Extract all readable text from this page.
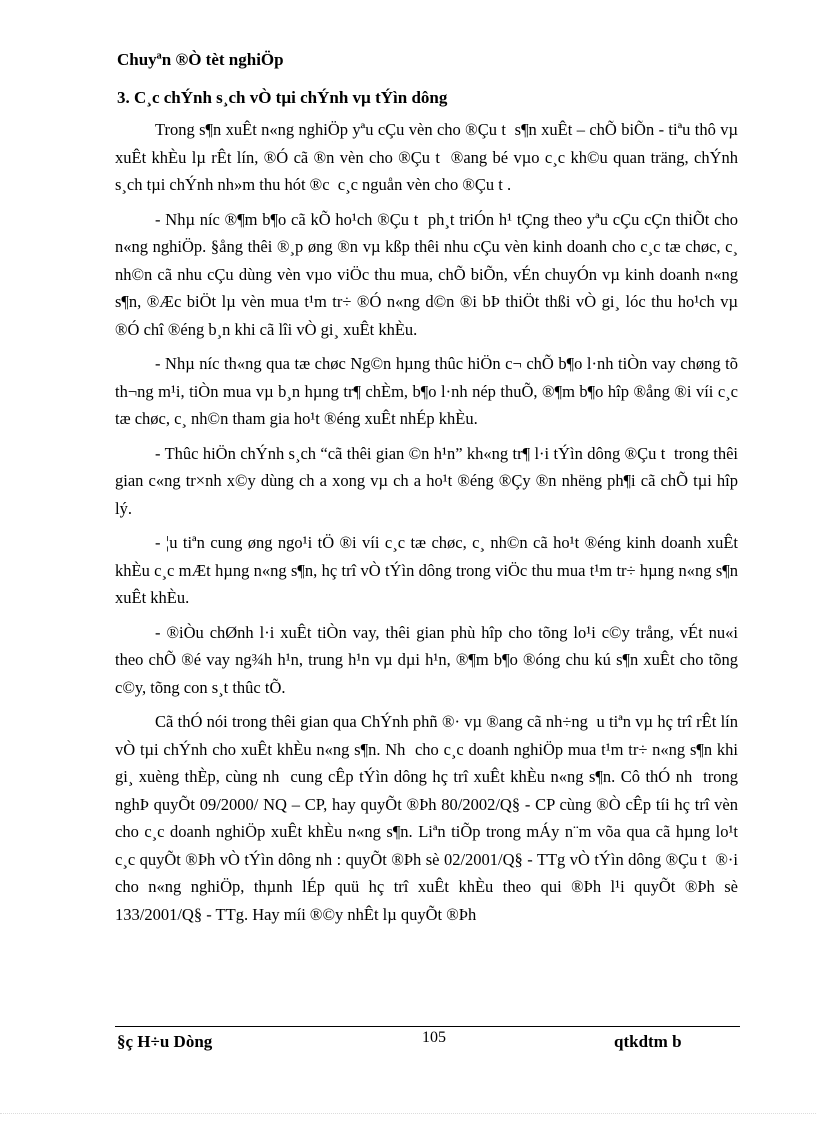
Chuyªn ®Ò tèt nghiÖp
3. C¸c chÝnh s¸ch vÒ tµi chÝnh vµ tÝìn dông

Trong s¶n xuÊt n«ng nghiÖp yªu cÇu vèn cho ®Çu t  s¶n xuÊt – chÕ biÕn - tiªu thô vµ xuÊt khÈu lµ rÊt lín, ®Ó cã ®n vèn cho ®Çu t  ®ang bé vµo c¸c kh©u quan träng, chÝnh s¸ch tµi chÝnh nh»m thu hót ®c  c¸c nguån vèn cho ®Çu t .

- Nhµ níc ®¶m b¶o cã kÕ ho¹ch ®Çu t  ph¸t triÓn h¹ tÇng theo yªu cÇu cÇn thiÕt cho n«ng nghiÖp. §ång thêi ®¸p øng ®n vµ kßp thêi nhu cÇu vèn kinh doanh cho c¸c tæ chøc, c¸ nh©n cã nhu cÇu dùng vèn vµo viÖc thu mua, chÕ biÕn, vÉn chuyÓn vµ kinh doanh n«ng s¶n, ®Æc biÖt lµ vèn mua t¹m tr÷ ®Ó n«ng d©n ®i bÞ thiÖt thßi vÒ gi¸ lóc thu ho¹ch vµ ®Ó chî ®éng b¸n khi cã lîi vÒ gi¸ xuÊt khÈu.

- Nhµ níc th«ng qua tæ chøc Ng©n hµng thûc hiÖn c¬ chÕ b¶o l·nh tiÒn vay chøng tõ th¬ng m¹i, tiÒn mua vµ b¸n hµng tr¶ chÈm, b¶o l·nh nép thuÕ, ®¶m b¶o hîp ®ång ®i víi c¸c tæ chøc, c¸ nh©n tham gia ho¹t ®éng xuÊt nhÉp khÈu.

- Thûc hiÖn chÝnh s¸ch “cã thêi gian ©n h¹n” kh«ng tr¶ l·i tÝìn dông ®Çu t  trong thêi gian c«ng tr×nh x©y dùng ch a xong vµ ch a ho¹t ®éng ®Çy ®n nhëng ph¶i cã chÕ tµi hîp lý.

- ¦u tiªn cung øng ngo¹i tÖ ®i víi c¸c tæ chøc, c¸ nh©n cã ho¹t ®éng kinh doanh xuÊt khÈu c¸c mÆt hµng n«ng s¶n, hç trî vÒ tÝìn dông trong viÖc thu mua t¹m tr÷ hµng n«ng s¶n xuÊt khÈu.

- ®iÒu chØnh l·i xuÊt tiÒn vay, thêi gian phù hîp cho tõng lo¹i c©y trång, vÉt nu«i theo chÕ ®é vay ng¾h h¹n, trung h¹n vµ dµi h¹n, ®¶m b¶o ®óng chu kú s¶n xuÊt cho tõng c©y, tõng con s¸t thûc tÕ.

Cã thÓ nói trong thêi gian qua ChÝnh phñ ®· vµ ®ang cã nh÷ng  u tiªn vµ hç trî rÊt lín vÒ tµi chÝnh cho xuÊt khÈu n«ng s¶n. Nh  cho c¸c doanh nghiÖp mua t¹m tr÷ n«ng s¶n khi gi¸ xuèng thÈp, cùng nh  cung cÊp tÝìn dông hç trî xuÊt khÈu n«ng s¶n. Cô thÓ nh  trong nghÞ quyÕt 09/2000/ NQ – CP, hay quyÕt ®Þh 80/2002/Q§ - CP cùng ®Ò cÊp tíi hç trî vèn cho c¸c doanh nghiÖp xuÊt khÈu n«ng s¶n. Liªn tiÕp trong mÁy n¨m võa qua cã hµng lo¹t c¸c quyÕt ®Þh vÒ tÝìn dông nh : quyÕt ®Þh sè 02/2001/Q§ - TTg vÒ tÝìn dông ®Çu t  ®·i cho n«ng nghiÖp, thµnh lÉp quü hç trî xuÊt khÈu theo qui ®Þh l¹i quyÕt ®Þh sè 133/2001/Q§ - TTg. Hay míi ®©y nhÊt lµ quyÕt ®Þh

§ç H÷u Dòng	105	qtkdtm b
